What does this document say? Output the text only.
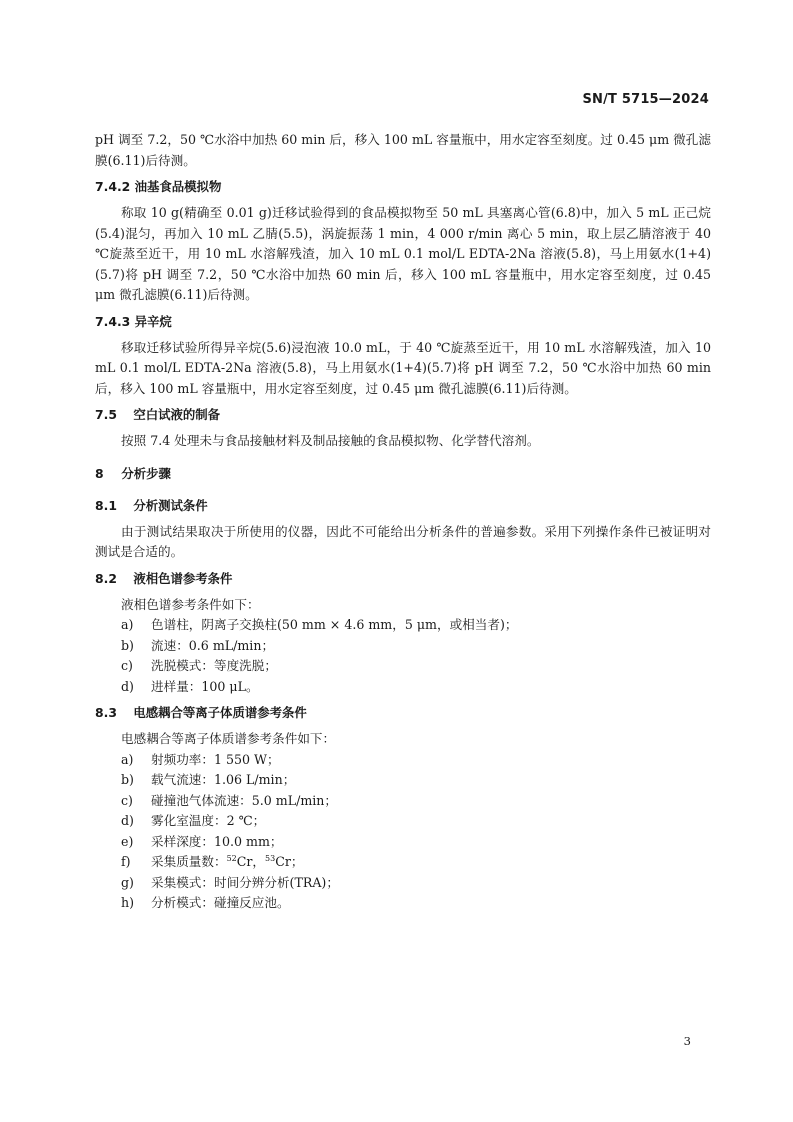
SN/T 5715—2024

pH 调至 7.2，50 ℃水浴中加热 60 min 后，移入 100 mL 容量瓶中，用水定容至刻度。过 0.45 μm 微孔滤膜(6.11)后待测。

7.4.2 油基食品模拟物

称取 10 g(精确至 0.01 g)迁移试验得到的食品模拟物至 50 mL 具塞离心管(6.8)中，加入 5 mL 正己烷(5.4)混匀，再加入 10 mL 乙腈(5.5)，涡旋振荡 1 min，4 000 r/min 离心 5 min，取上层乙腈溶液于 40 ℃旋蒸至近干，用 10 mL 水溶解残渣，加入 10 mL 0.1 mol/L EDTA-2Na 溶液(5.8)，马上用氨水(1+4)(5.7)将 pH 调至 7.2，50 ℃水浴中加热 60 min 后，移入 100 mL 容量瓶中，用水定容至刻度，过 0.45 μm 微孔滤膜(6.11)后待测。

7.4.3 异辛烷

移取迁移试验所得异辛烷(5.6)浸泡液 10.0 mL，于 40 ℃旋蒸至近干，用 10 mL 水溶解残渣，加入 10 mL 0.1 mol/L EDTA-2Na 溶液(5.8)，马上用氨水(1+4)(5.7)将 pH 调至 7.2，50 ℃水浴中加热 60 min 后，移入 100 mL 容量瓶中，用水定容至刻度，过 0.45 μm 微孔滤膜(6.11)后待测。

7.5 空白试液的制备

按照 7.4 处理未与食品接触材料及制品接触的食品模拟物、化学替代溶剂。

8 分析步骤
8.1 分析测试条件

由于测试结果取决于所使用的仪器，因此不可能给出分析条件的普遍参数。采用下列操作条件已被证明对测试是合适的。

8.2 液相色谱参考条件

液相色谱参考条件如下：

a) 色谱柱，阴离子交换柱(50 mm × 4.6 mm，5 μm，或相当者)；
b) 流速：0.6 mL/min；
c) 洗脱模式：等度洗脱；
d) 进样量：100 μL。
8.3 电感耦合等离子体质谱参考条件

电感耦合等离子体质谱参考条件如下：

a) 射频功率：1 550 W；
b) 载气流速：1.06 L/min；
c) 碰撞池气体流速：5.0 mL/min；
d) 雾化室温度：2 ℃；
e) 采样深度：10.0 mm；
f) 采集质量数：$^{52}$Cr，$^{53}$Cr；
g) 采集模式：时间分辨分析(TRA)；
h) 分析模式：碰撞反应池。
3
